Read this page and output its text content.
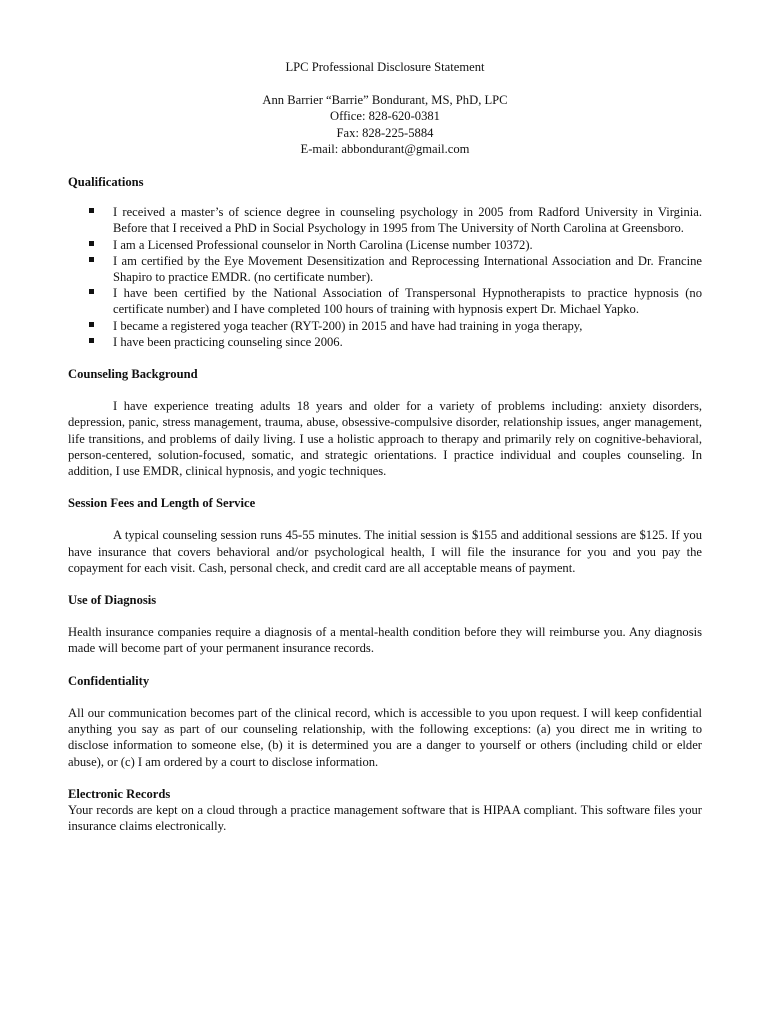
LPC Professional Disclosure Statement
Ann Barrier “Barrie” Bondurant, MS, PhD, LPC
Office: 828-620-0381
Fax: 828-225-5884
E-mail: abbondurant@gmail.com
Qualifications
I received a master’s of science degree in counseling psychology in 2005 from Radford University in Virginia. Before that I received a PhD in Social Psychology in 1995 from The University of North Carolina at Greensboro.
I am a Licensed Professional counselor in North Carolina (License number 10372).
I am certified by the Eye Movement Desensitization and Reprocessing International Association and Dr. Francine Shapiro to practice EMDR. (no certificate number).
I have been certified by the National Association of Transpersonal Hypnotherapists to practice hypnosis (no certificate number) and I have completed 100 hours of training with hypnosis expert Dr. Michael Yapko.
I became a registered yoga teacher (RYT-200) in 2015 and have had training in yoga therapy,
I have been practicing counseling since 2006.
Counseling Background

I have experience treating adults 18 years and older for a variety of problems including: anxiety disorders, depression, panic, stress management, trauma, abuse, obsessive-compulsive disorder, relationship issues, anger management, life transitions, and problems of daily living. I use a holistic approach to therapy and primarily rely on cognitive-behavioral, person-centered, solution-focused, somatic, and strategic orientations. I practice individual and couples counseling. In addition, I use EMDR, clinical hypnosis, and yogic techniques.

Session Fees and Length of Service

A typical counseling session runs 45-55 minutes. The initial session is $155 and additional sessions are $125. If you have insurance that covers behavioral and/or psychological health, I will file the insurance for you and you pay the copayment for each visit. Cash, personal check, and credit card are all acceptable means of payment.

Use of Diagnosis

Health insurance companies require a diagnosis of a mental-health condition before they will reimburse you. Any diagnosis made will become part of your permanent insurance records.

Confidentiality

All our communication becomes part of the clinical record, which is accessible to you upon request. I will keep confidential anything you say as part of our counseling relationship, with the following exceptions: (a) you direct me in writing to disclose information to someone else, (b) it is determined you are a danger to yourself or others (including child or elder abuse), or (c) I am ordered by a court to disclose information.

Electronic Records

Your records are kept on a cloud through a practice management software that is HIPAA compliant. This software files your insurance claims electronically.
